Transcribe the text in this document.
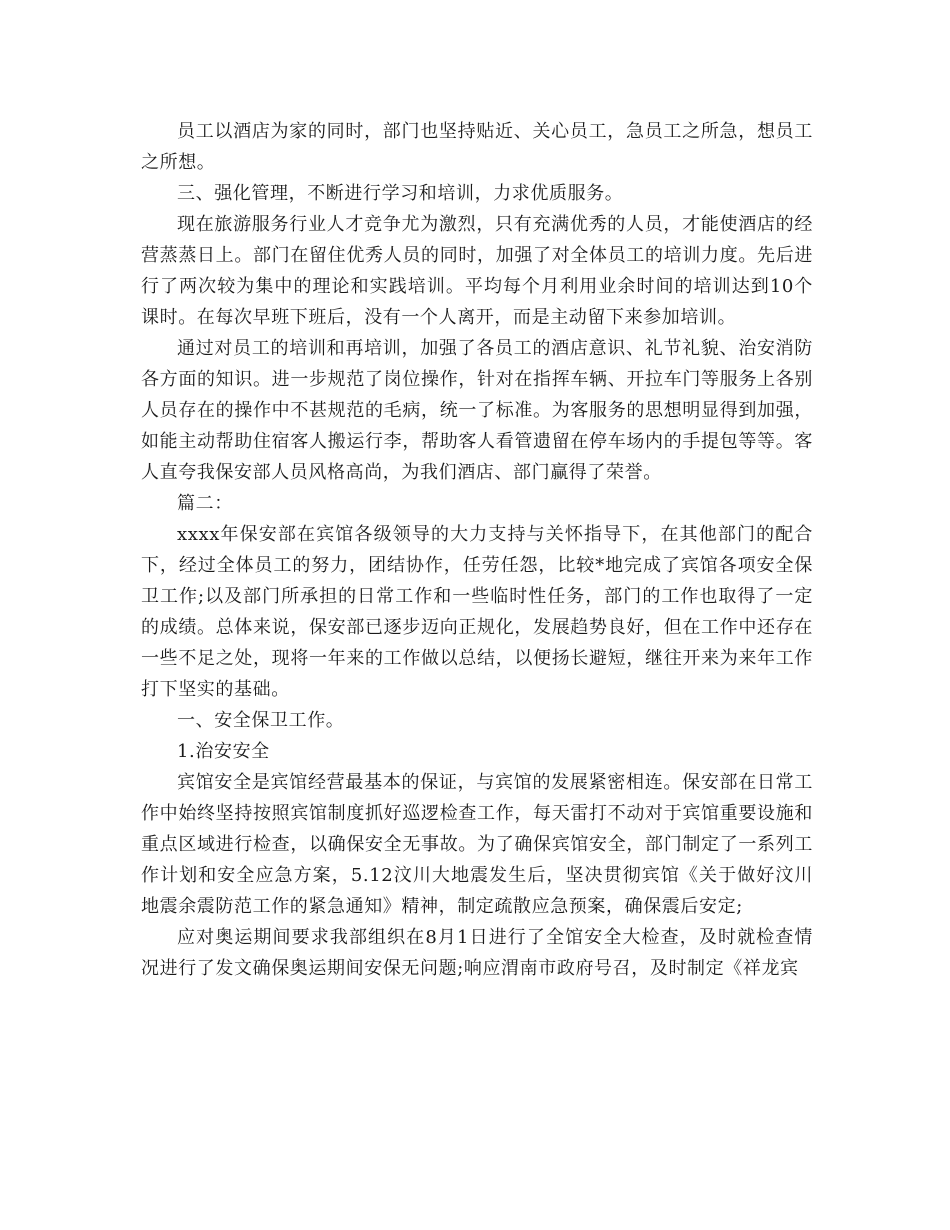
员工以酒店为家的同时，部门也坚持贴近、关心员工，急员工之所急，想员工之所想。

三、强化管理，不断进行学习和培训，力求优质服务。

现在旅游服务行业人才竞争尤为激烈，只有充满优秀的人员，才能使酒店的经营蒸蒸日上。部门在留住优秀人员的同时，加强了对全体员工的培训力度。先后进行了两次较为集中的理论和实践培训。平均每个月利用业余时间的培训达到10个课时。在每次早班下班后，没有一个人离开，而是主动留下来参加培训。

通过对员工的培训和再培训，加强了各员工的酒店意识、礼节礼貌、治安消防各方面的知识。进一步规范了岗位操作，针对在指挥车辆、开拉车门等服务上各别人员存在的操作中不甚规范的毛病，统一了标准。为客服务的思想明显得到加强，如能主动帮助住宿客人搬运行李，帮助客人看管遗留在停车场内的手提包等等。客人直夸我保安部人员风格高尚，为我们酒店、部门赢得了荣誉。

篇二：

xxxx年保安部在宾馆各级领导的大力支持与关怀指导下，在其他部门的配合下，经过全体员工的努力，团结协作，任劳任怨，比较*地完成了宾馆各项安全保卫工作;以及部门所承担的日常工作和一些临时性任务，部门的工作也取得了一定的成绩。总体来说，保安部已逐步迈向正规化，发展趋势良好，但在工作中还存在一些不足之处，现将一年来的工作做以总结，以便扬长避短，继往开来为来年工作打下坚实的基础。

一、安全保卫工作。

1.治安安全

宾馆安全是宾馆经营最基本的保证，与宾馆的发展紧密相连。保安部在日常工作中始终坚持按照宾馆制度抓好巡逻检查工作，每天雷打不动对于宾馆重要设施和重点区域进行检查，以确保安全无事故。为了确保宾馆安全，部门制定了一系列工作计划和安全应急方案，5.12汶川大地震发生后，坚决贯彻宾馆《关于做好汶川地震余震防范工作的紧急通知》精神，制定疏散应急预案，确保震后安定;

应对奥运期间要求我部组织在8月1日进行了全馆安全大检查，及时就检查情况进行了发文确保奥运期间安保无问题;响应渭南市政府号召，及时制定《祥龙宾
